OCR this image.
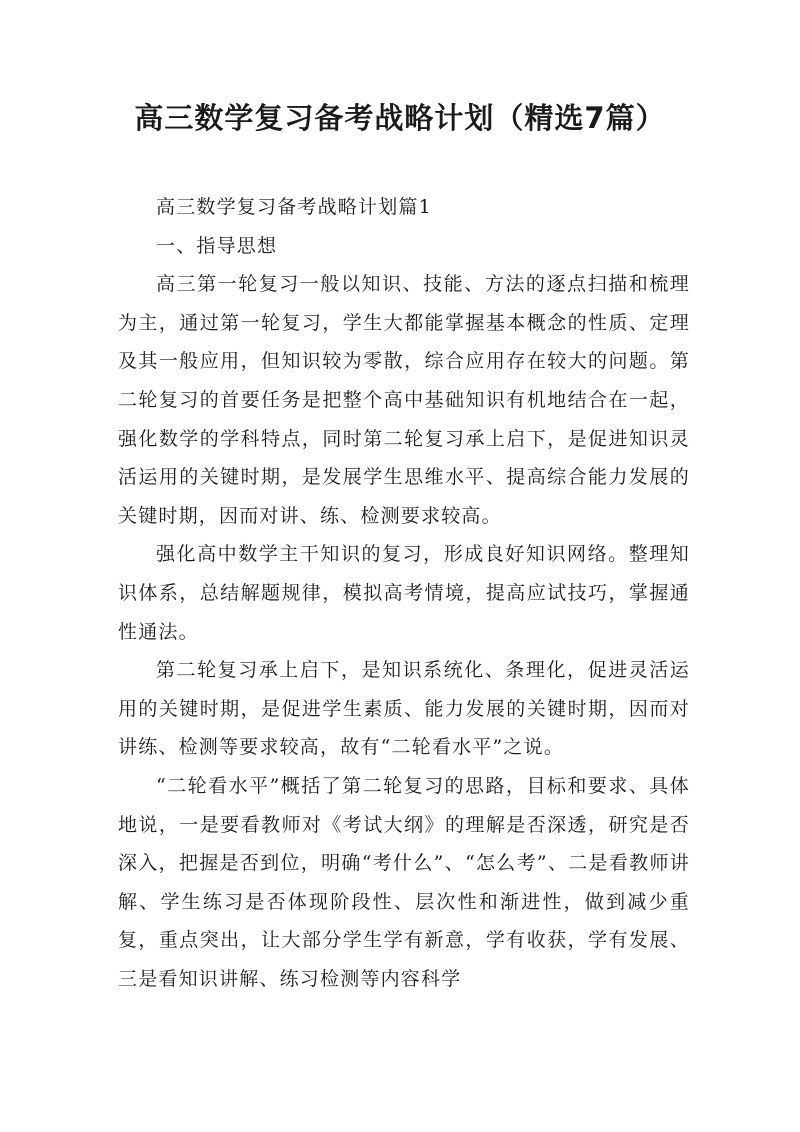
高三数学复习备考战略计划（精选7篇）

高三数学复习备考战略计划篇1

一、指导思想

高三第一轮复习一般以知识、技能、方法的逐点扫描和梳理为主，通过第一轮复习，学生大都能掌握基本概念的性质、定理及其一般应用，但知识较为零散，综合应用存在较大的问题。第二轮复习的首要任务是把整个高中基础知识有机地结合在一起，强化数学的学科特点，同时第二轮复习承上启下，是促进知识灵活运用的关键时期，是发展学生思维水平、提高综合能力发展的关键时期，因而对讲、练、检测要求较高。

强化高中数学主干知识的复习，形成良好知识网络。整理知识体系，总结解题规律，模拟高考情境，提高应试技巧，掌握通性通法。

第二轮复习承上启下，是知识系统化、条理化，促进灵活运用的关键时期，是促进学生素质、能力发展的关键时期，因而对讲练、检测等要求较高，故有“二轮看水平”之说。

“二轮看水平”概括了第二轮复习的思路，目标和要求、具体地说，一是要看教师对《考试大纲》的理解是否深透，研究是否深入，把握是否到位，明确“考什么”、“怎么考”、二是看教师讲解、学生练习是否体现阶段性、层次性和渐进性，做到减少重复，重点突出，让大部分学生学有新意，学有收获，学有发展、三是看知识讲解、练习检测等内容科学
